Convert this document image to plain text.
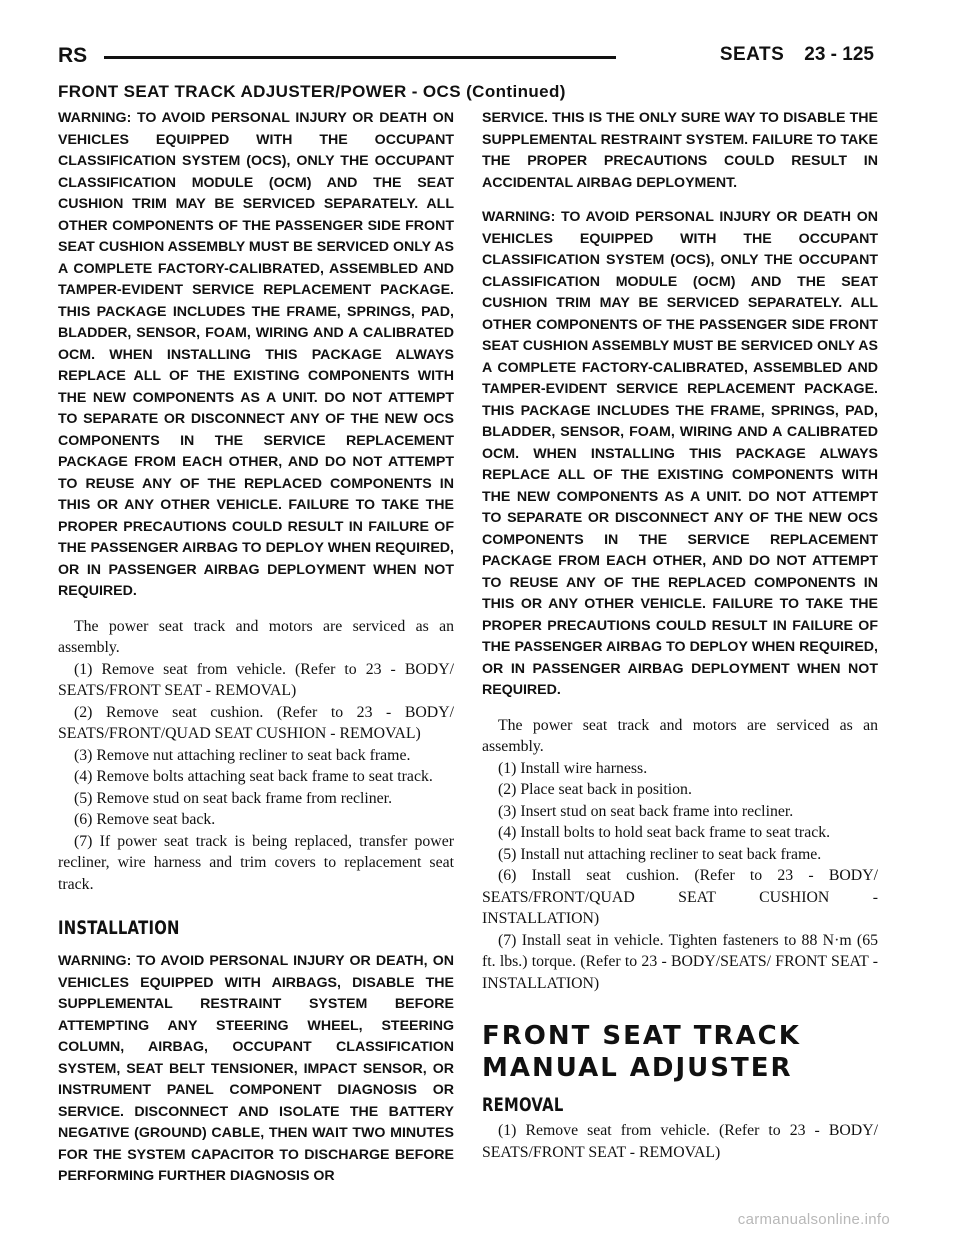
RS	SEATS 23 - 125
FRONT SEAT TRACK ADJUSTER/POWER - OCS (Continued)

WARNING: TO AVOID PERSONAL INJURY OR DEATH ON VEHICLES EQUIPPED WITH THE OCCUPANT CLASSIFICATION SYSTEM (OCS), ONLY THE OCCUPANT CLASSIFICATION MODULE (OCM) AND THE SEAT CUSHION TRIM MAY BE SERVICED SEPARATELY. ALL OTHER COMPONENTS OF THE PASSENGER SIDE FRONT SEAT CUSHION ASSEMBLY MUST BE SERVICED ONLY AS A COMPLETE FACTORY-CALIBRATED, ASSEMBLED AND TAMPER-EVIDENT SERVICE REPLACEMENT PACKAGE. THIS PACKAGE INCLUDES THE FRAME, SPRINGS, PAD, BLADDER, SENSOR, FOAM, WIRING AND A CALIBRATED OCM. WHEN INSTALLING THIS PACKAGE ALWAYS REPLACE ALL OF THE EXISTING COMPONENTS WITH THE NEW COMPONENTS AS A UNIT. DO NOT ATTEMPT TO SEPARATE OR DISCONNECT ANY OF THE NEW OCS COMPONENTS IN THE SERVICE REPLACEMENT PACKAGE FROM EACH OTHER, AND DO NOT ATTEMPT TO REUSE ANY OF THE REPLACED COMPONENTS IN THIS OR ANY OTHER VEHICLE. FAILURE TO TAKE THE PROPER PRECAUTIONS COULD RESULT IN FAILURE OF THE PASSENGER AIRBAG TO DEPLOY WHEN REQUIRED, OR IN PASSENGER AIRBAG DEPLOYMENT WHEN NOT REQUIRED.

The power seat track and motors are serviced as an assembly.

(1) Remove seat from vehicle. (Refer to 23 - BODY/ SEATS/FRONT SEAT - REMOVAL)

(2) Remove seat cushion. (Refer to 23 - BODY/ SEATS/FRONT/QUAD SEAT CUSHION - REMOVAL)

(3) Remove nut attaching recliner to seat back frame.

(4) Remove bolts attaching seat back frame to seat track.

(5) Remove stud on seat back frame from recliner.

(6) Remove seat back.

(7) If power seat track is being replaced, transfer power recliner, wire harness and trim covers to replacement seat track.

INSTALLATION

WARNING: TO AVOID PERSONAL INJURY OR DEATH, ON VEHICLES EQUIPPED WITH AIRBAGS, DISABLE THE SUPPLEMENTAL RESTRAINT SYSTEM BEFORE ATTEMPTING ANY STEERING WHEEL, STEERING COLUMN, AIRBAG, OCCUPANT CLASSIFICATION SYSTEM, SEAT BELT TENSIONER, IMPACT SENSOR, OR INSTRUMENT PANEL COMPONENT DIAGNOSIS OR SERVICE. DISCONNECT AND ISOLATE THE BATTERY NEGATIVE (GROUND) CABLE, THEN WAIT TWO MINUTES FOR THE SYSTEM CAPACITOR TO DISCHARGE BEFORE PERFORMING FURTHER DIAGNOSIS OR

SERVICE. THIS IS THE ONLY SURE WAY TO DISABLE THE SUPPLEMENTAL RESTRAINT SYSTEM. FAILURE TO TAKE THE PROPER PRECAUTIONS COULD RESULT IN ACCIDENTAL AIRBAG DEPLOYMENT.

WARNING: TO AVOID PERSONAL INJURY OR DEATH ON VEHICLES EQUIPPED WITH THE OCCUPANT CLASSIFICATION SYSTEM (OCS), ONLY THE OCCUPANT CLASSIFICATION MODULE (OCM) AND THE SEAT CUSHION TRIM MAY BE SERVICED SEPARATELY. ALL OTHER COMPONENTS OF THE PASSENGER SIDE FRONT SEAT CUSHION ASSEMBLY MUST BE SERVICED ONLY AS A COMPLETE FACTORY-CALIBRATED, ASSEMBLED AND TAMPER-EVIDENT SERVICE REPLACEMENT PACKAGE. THIS PACKAGE INCLUDES THE FRAME, SPRINGS, PAD, BLADDER, SENSOR, FOAM, WIRING AND A CALIBRATED OCM. WHEN INSTALLING THIS PACKAGE ALWAYS REPLACE ALL OF THE EXISTING COMPONENTS WITH THE NEW COMPONENTS AS A UNIT. DO NOT ATTEMPT TO SEPARATE OR DISCONNECT ANY OF THE NEW OCS COMPONENTS IN THE SERVICE REPLACEMENT PACKAGE FROM EACH OTHER, AND DO NOT ATTEMPT TO REUSE ANY OF THE REPLACED COMPONENTS IN THIS OR ANY OTHER VEHICLE. FAILURE TO TAKE THE PROPER PRECAUTIONS COULD RESULT IN FAILURE OF THE PASSENGER AIRBAG TO DEPLOY WHEN REQUIRED, OR IN PASSENGER AIRBAG DEPLOYMENT WHEN NOT REQUIRED.

The power seat track and motors are serviced as an assembly.

(1) Install wire harness.

(2) Place seat back in position.

(3) Insert stud on seat back frame into recliner.

(4) Install bolts to hold seat back frame to seat track.

(5) Install nut attaching recliner to seat back frame.

(6) Install seat cushion. (Refer to 23 - BODY/ SEATS/FRONT/QUAD SEAT CUSHION - INSTALLATION)

(7) Install seat in vehicle. Tighten fasteners to 88 N·m (65 ft. lbs.) torque. (Refer to 23 - BODY/SEATS/ FRONT SEAT - INSTALLATION)

FRONT SEAT TRACK MANUAL ADJUSTER
REMOVAL

(1) Remove seat from vehicle. (Refer to 23 - BODY/ SEATS/FRONT SEAT - REMOVAL)

carmanualsonline.info
